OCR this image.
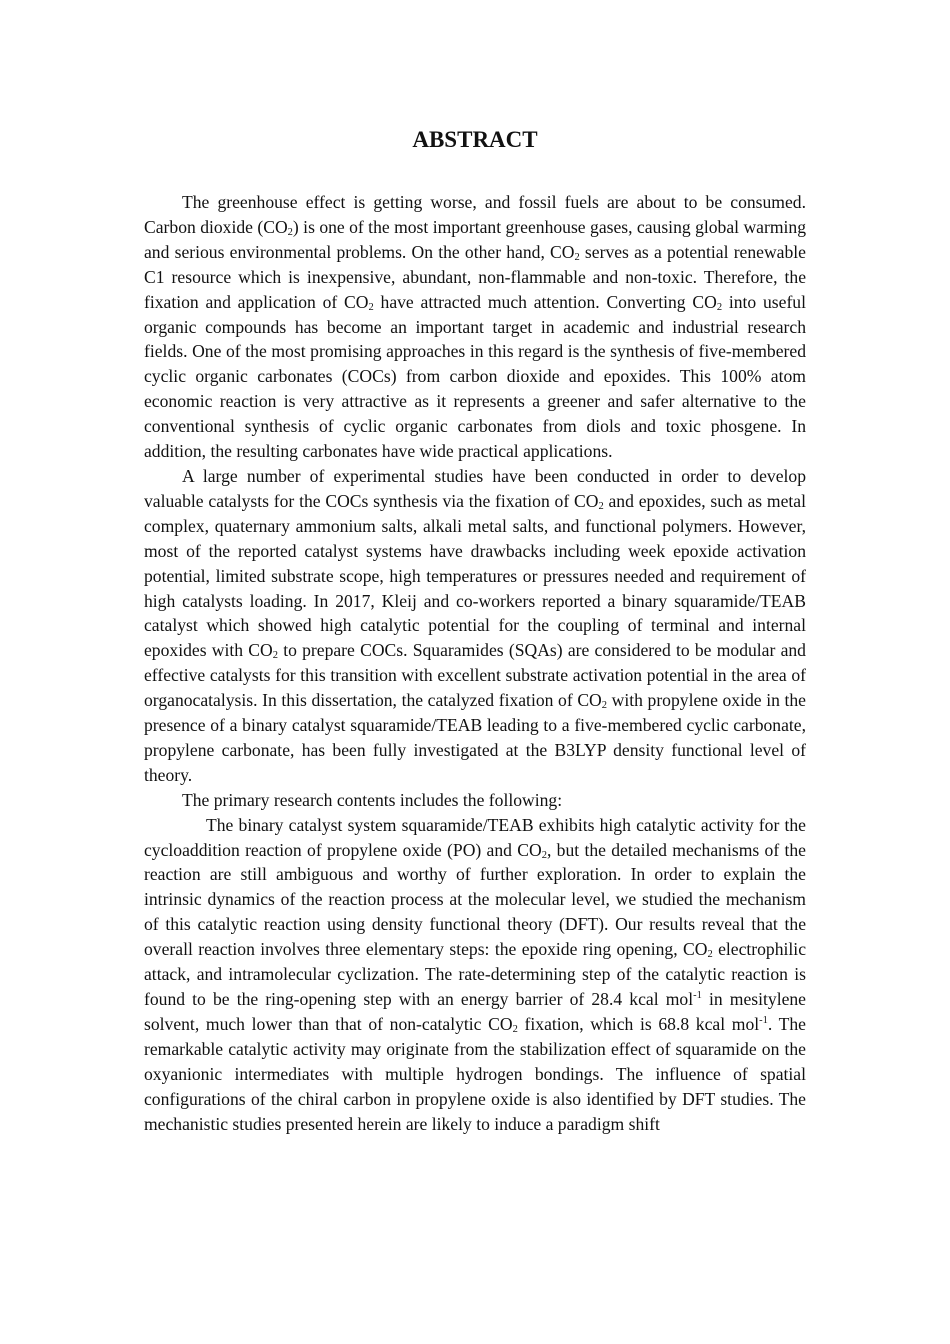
ABSTRACT

The greenhouse effect is getting worse, and fossil fuels are about to be consumed. Carbon dioxide $(CO_2)$ is one of the most important greenhouse gases, causing global warming and serious environmental problems. On the other hand, $CO_2$ serves as a potential renewable C1 resource which is inexpensive, abundant, non-flammable and non-toxic. Therefore, the fixation and application of $CO_2$ have attracted much attention. Converting $CO_2$ into useful organic compounds has become an important target in academic and industrial research fields. One of the most promising approaches in this regard is the synthesis of five-membered cyclic organic carbonates (COCs) from carbon dioxide and epoxides. This 100% atom economic reaction is very attractive as it represents a greener and safer alternative to the conventional synthesis of cyclic organic carbonates from diols and toxic phosgene. In addition, the resulting carbonates have wide practical applications.

A large number of experimental studies have been conducted in order to develop valuable catalysts for the COCs synthesis via the fixation of $CO_2$ and epoxides, such as metal complex, quaternary ammonium salts, alkali metal salts, and functional polymers. However, most of the reported catalyst systems have drawbacks including week epoxide activation potential, limited substrate scope, high temperatures or pressures needed and requirement of high catalysts loading. In 2017, Kleij and co-workers reported a binary squaramide/TEAB catalyst which showed high catalytic potential for the coupling of terminal and internal epoxides with $CO_2$ to prepare COCs. Squaramides (SQAs) are considered to be modular and effective catalysts for this transition with excellent substrate activation potential in the area of organocatalysis. In this dissertation, the catalyzed fixation of $CO_2$ with propylene oxide in the presence of a binary catalyst squaramide/TEAB leading to a five-membered cyclic carbonate, propylene carbonate, has been fully investigated at the B3LYP density functional level of theory.

The primary research contents includes the following:

The binary catalyst system squaramide/TEAB exhibits high catalytic activity for the cycloaddition reaction of propylene oxide (PO) and $CO_2$, but the detailed mechanisms of the reaction are still ambiguous and worthy of further exploration. In order to explain the intrinsic dynamics of the reaction process at the molecular level, we studied the mechanism of this catalytic reaction using density functional theory (DFT). Our results reveal that the overall reaction involves three elementary steps: the epoxide ring opening, $CO_2$ electrophilic attack, and intramolecular cyclization. The rate-determining step of the catalytic reaction is found to be the ring-opening step with an energy barrier of 28.4 kcal mol$^{-1}$ in mesitylene solvent, much lower than that of non-catalytic $CO_2$ fixation, which is 68.8 kcal mol$^{-1}$. The remarkable catalytic activity may originate from the stabilization effect of squaramide on the oxyanionic intermediates with multiple hydrogen bondings. The influence of spatial configurations of the chiral carbon in propylene oxide is also identified by DFT studies. The mechanistic studies presented herein are likely to induce a paradigm shift
